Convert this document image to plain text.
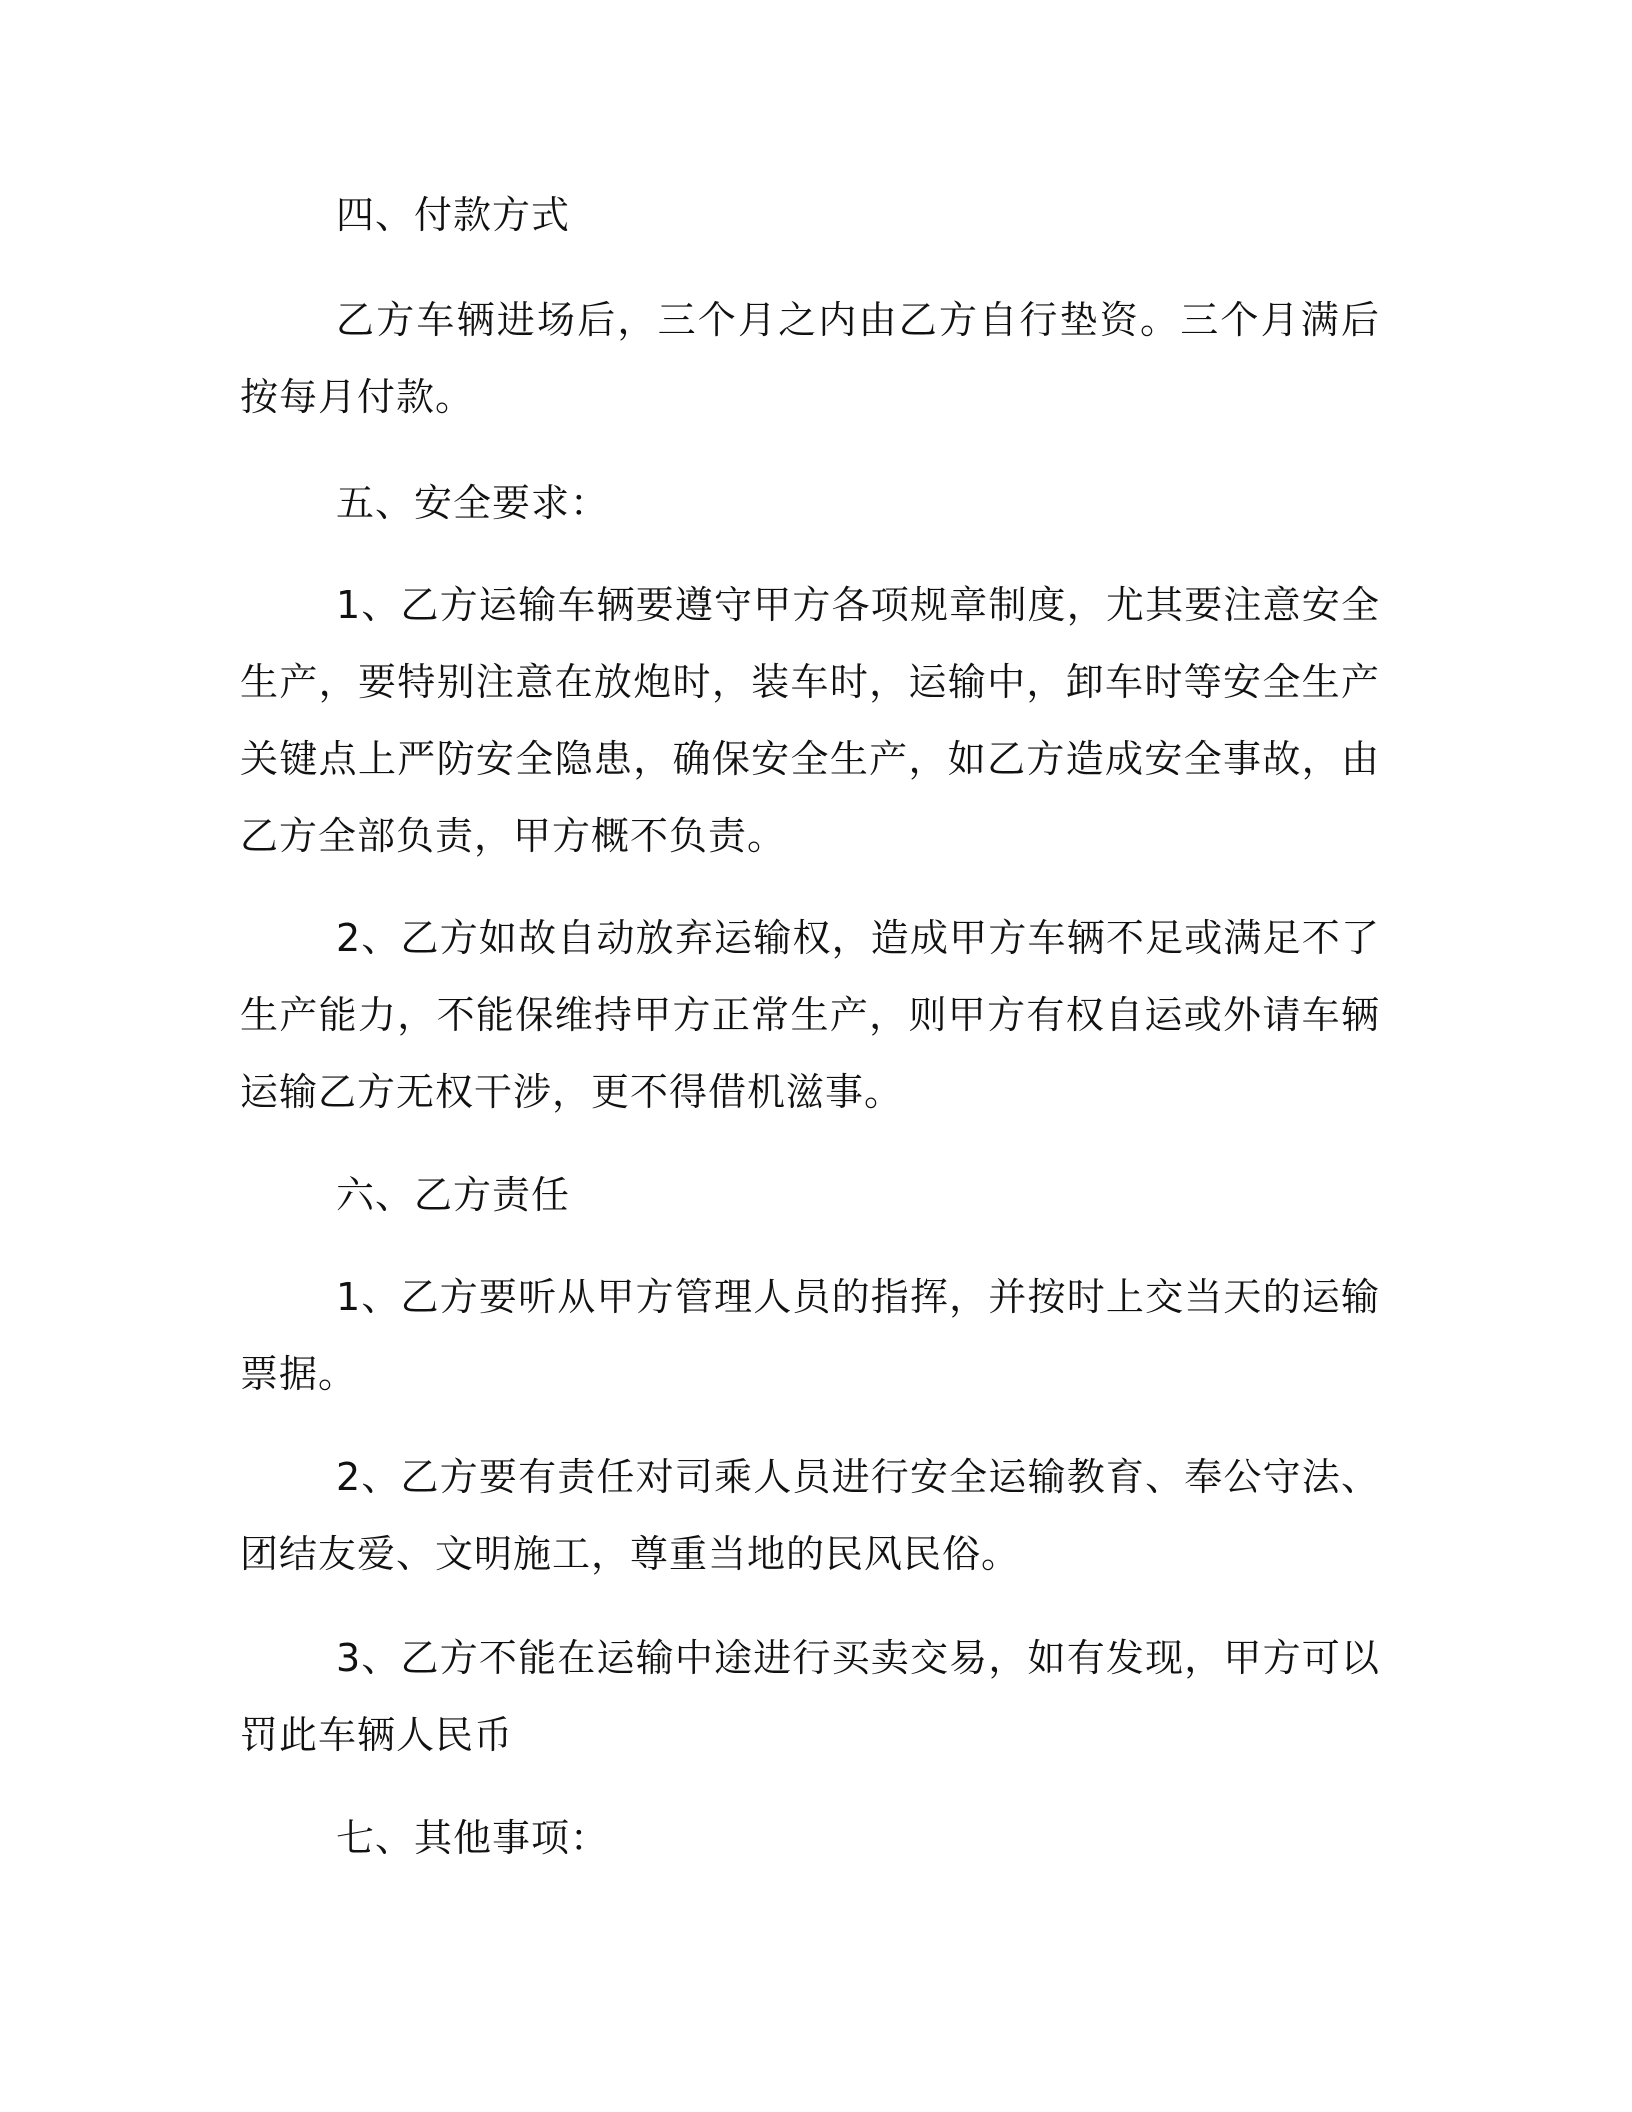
四、付款方式

乙方车辆进场后，三个月之内由乙方自行垫资。三个月满后按每月付款。

五、安全要求：

1、乙方运输车辆要遵守甲方各项规章制度，尤其要注意安全生产，要特别注意在放炮时，装车时，运输中，卸车时等安全生产关键点上严防安全隐患，确保安全生产，如乙方造成安全事故，由乙方全部负责，甲方概不负责。

2、乙方如故自动放弃运输权，造成甲方车辆不足或满足不了生产能力，不能保维持甲方正常生产，则甲方有权自运或外请车辆运输乙方无权干涉，更不得借机滋事。

六、乙方责任

1、乙方要听从甲方管理人员的指挥，并按时上交当天的运输票据。

2、乙方要有责任对司乘人员进行安全运输教育、奉公守法、团结友爱、文明施工，尊重当地的民风民俗。

3、乙方不能在运输中途进行买卖交易，如有发现，甲方可以罚此车辆人民币

七、其他事项：
